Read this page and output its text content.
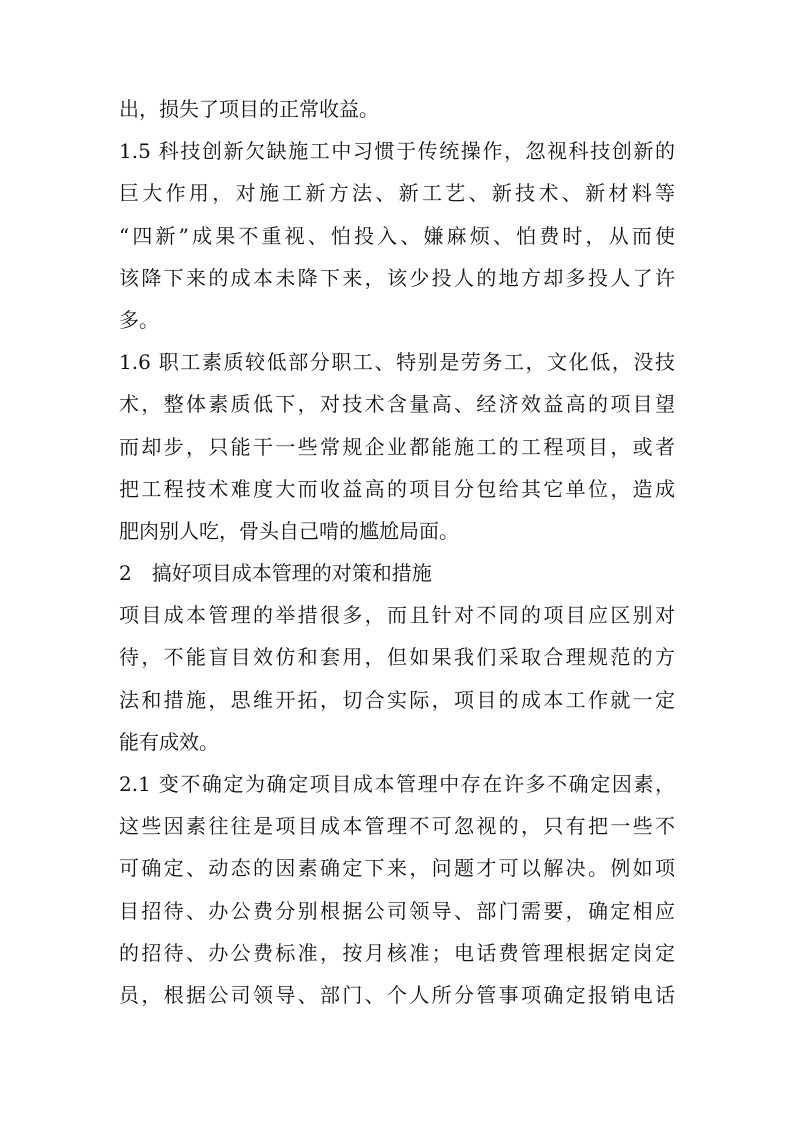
出，损失了项目的正常收益。
1.5 科技创新欠缺施工中习惯于传统操作，忽视科技创新的
巨大作用，对施工新方法、新工艺、新技术、新材料等
“四新”成果不重视、怕投入、嫌麻烦、怕费时，从而使
该降下来的成本未降下来，该少投人的地方却多投人了许
多。
1.6 职工素质较低部分职工、特别是劳务工，文化低，没技
术，整体素质低下，对技术含量高、经济效益高的项目望
而却步，只能干一些常规企业都能施工的工程项目，或者
把工程技术难度大而收益高的项目分包给其它单位，造成
肥肉别人吃，骨头自己啃的尴尬局面。
2　搞好项目成本管理的对策和措施
项目成本管理的举措很多，而且针对不同的项目应区别对
待，不能盲目效仿和套用，但如果我们采取合理规范的方
法和措施，思维开拓，切合实际，项目的成本工作就一定
能有成效。
2.1 变不确定为确定项目成本管理中存在许多不确定因素，
这些因素往往是项目成本管理不可忽视的，只有把一些不
可确定、动态的因素确定下来，问题才可以解决。例如项
目招待、办公费分别根据公司领导、部门需要，确定相应
的招待、办公费标准，按月核准；电话费管理根据定岗定
员，根据公司领导、部门、个人所分管事项确定报销电话
